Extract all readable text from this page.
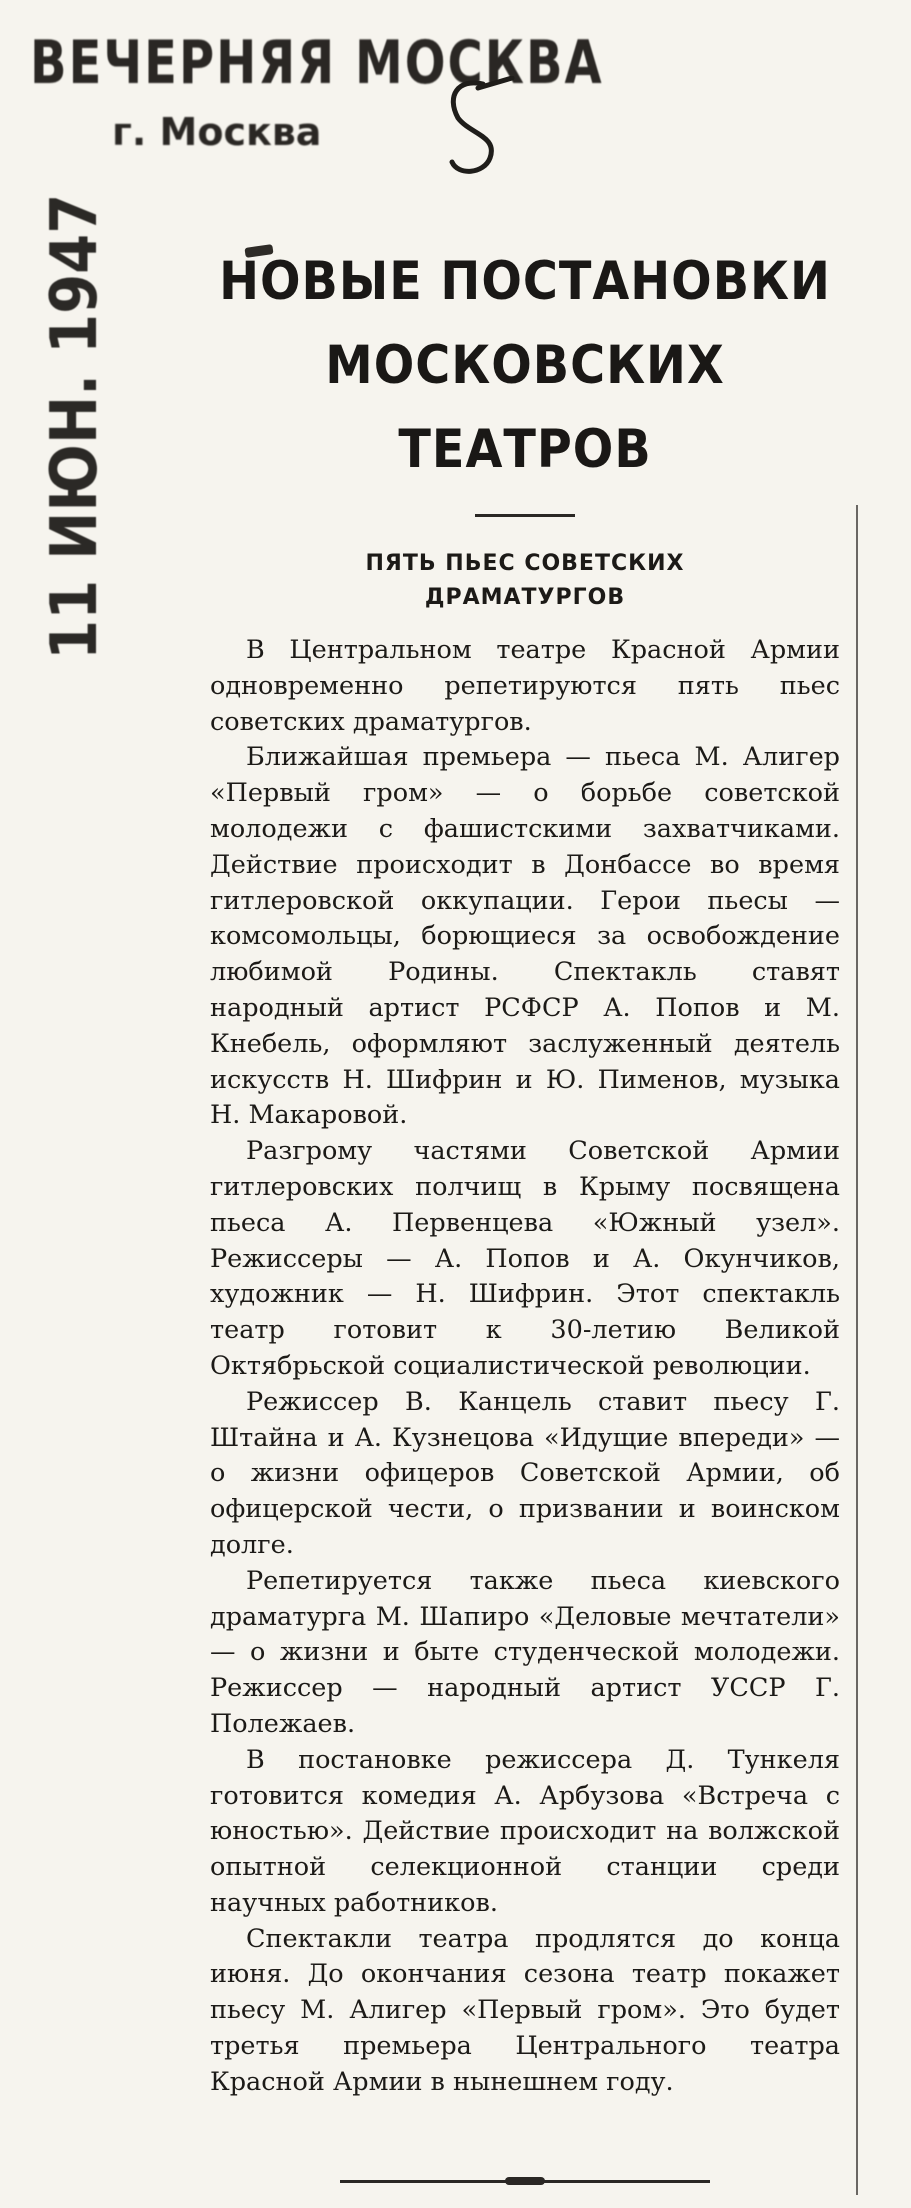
ВЕЧЕРНЯЯ МОСКВА
г. Москва
11 ИЮН. 1947 НОВЫЕ ПОСТАНОВКИ
МОСКОВСКИХ ТЕАТРОВ
ПЯТЬ ПЬЕС СОВЕТСКИХ
ДРАМАТУРГОВ

В Центральном театре Красной Армии одновременно репетируются пять пьес советских драматургов.

Ближайшая премьера — пьеса М. Алигер «Первый гром» — о борьбе советской молодежи с фашистскими захватчиками. Действие происходит в Донбассе во время гитлеровской оккупации. Герои пьесы — комсомольцы, борющиеся за освобождение любимой Родины. Спектакль ставят народный артист РСФСР А. Попов и М. Кнебель, оформляют заслуженный деятель искусств Н. Шифрин и Ю. Пименов, музыка Н. Макаровой.

Разгрому частями Советской Армии гитлеровских полчищ в Крыму посвящена пьеса А. Первенцева «Южный узел». Режиссеры — А. Попов и А. Окунчиков, художник — Н. Шифрин. Этот спектакль театр готовит к 30-летию Великой Октябрьской социалистической революции.

Режиссер В. Канцель ставит пьесу Г. Штайна и А. Кузнецова «Идущие впереди» — о жизни офицеров Советской Армии, об офицерской чести, о призвании и воинском долге.

Репетируется также пьеса киевского драматурга М. Шапиро «Деловые мечтатели» — о жизни и быте студенческой молодежи. Режиссер — народный артист УССР Г. Полежаев.

В постановке режиссера Д. Тункеля готовится комедия А. Арбузова «Встреча с юностью». Действие происходит на волжской опытной селекционной станции среди научных работников.

Спектакли театра продлятся до конца июня. До окончания сезона театр покажет пьесу М. Алигер «Первый гром». Это будет третья премьера Центрального театра Красной Армии в нынешнем году.
